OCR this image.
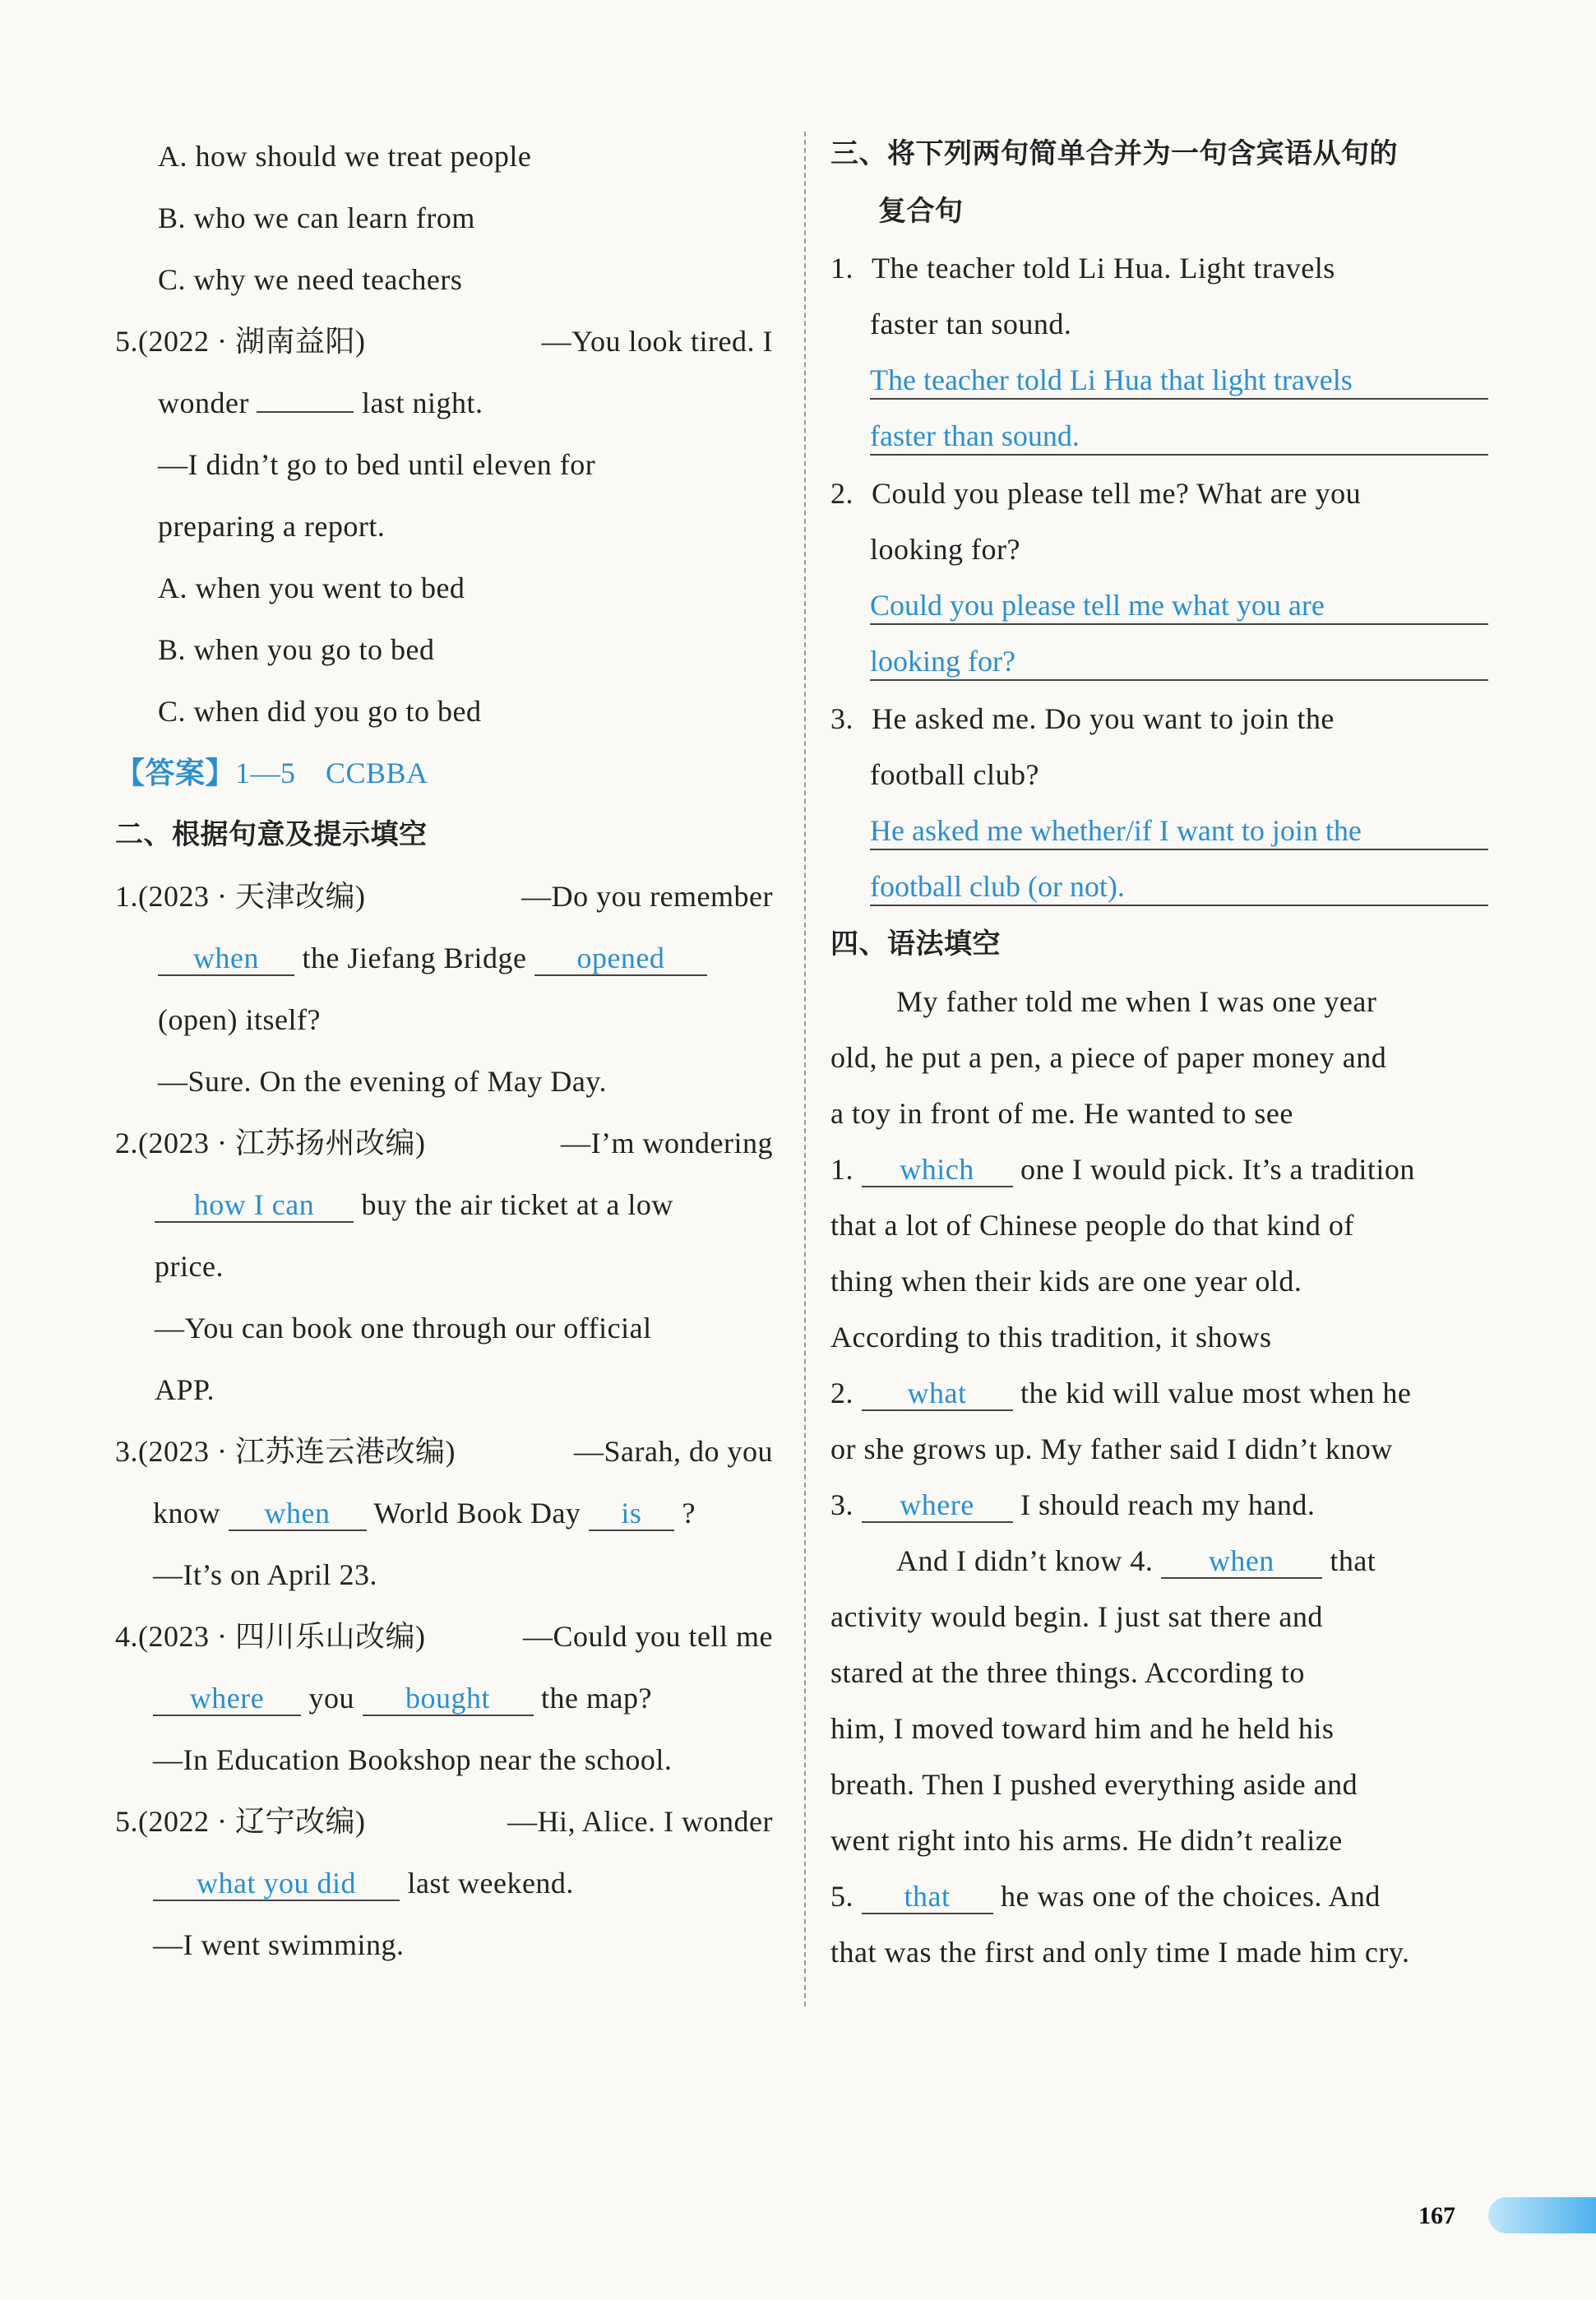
A. how should we treat people
B. who we can learn from
C. why we need teachers
5.(2022 · 湖南益阳)	—You look tired. I
wonder	last night.
—I didn’t go to bed until eleven for
preparing a report.
A. when you went to bed
B. when you go to bed
C. when did you go to bed
【答案】1—5　CCBBA
二、根据句意及提示填空
1.(2023 · 天津改编)	—Do you remember
when the Jiefang Bridge opened
(open) itself?
—Sure. On the evening of May Day.
2.(2023 · 江苏扬州改编)	—I’m wondering
how I can buy the air ticket at a low
price.
—You can book one through our official
APP.
3.(2023 · 江苏连云港改编)	—Sarah, do you
know when World Book Day is ?
—It’s on April 23.
4.(2023 · 四川乐山改编)	—Could you tell me
where you bought the map?
—In Education Bookshop near the school.
5.(2022 · 辽宁改编)	—Hi, Alice. I wonder
what you did last weekend.
—I went swimming.
三、将下列两句简单合并为一句含宾语从句的
复合句
1. The teacher told Li Hua. Light travels
faster tan sound.
The teacher told Li Hua that light travels
faster than sound.
2. Could you please tell me? What are you
looking for?
Could you please tell me what you are
looking for?
3. He asked me. Do you want to join the
football club?
He asked me whether/if I want to join the
football club (or not).
四、语法填空
My father told me when I was one year
old, he put a pen, a piece of paper money and
a toy in front of me. He wanted to see
1. which one I would pick. It’s a tradition
that a lot of Chinese people do that kind of
thing when their kids are one year old.
According to this tradition, it shows
2. what the kid will value most when he
or she grows up. My father said I didn’t know
3. where I should reach my hand.
And I didn’t know 4. when that
activity would begin. I just sat there and
stared at the three things. According to
him, I moved toward him and he held his
breath. Then I pushed everything aside and
went right into his arms. He didn’t realize
5. that he was one of the choices. And
that was the first and only time I made him cry.
167
